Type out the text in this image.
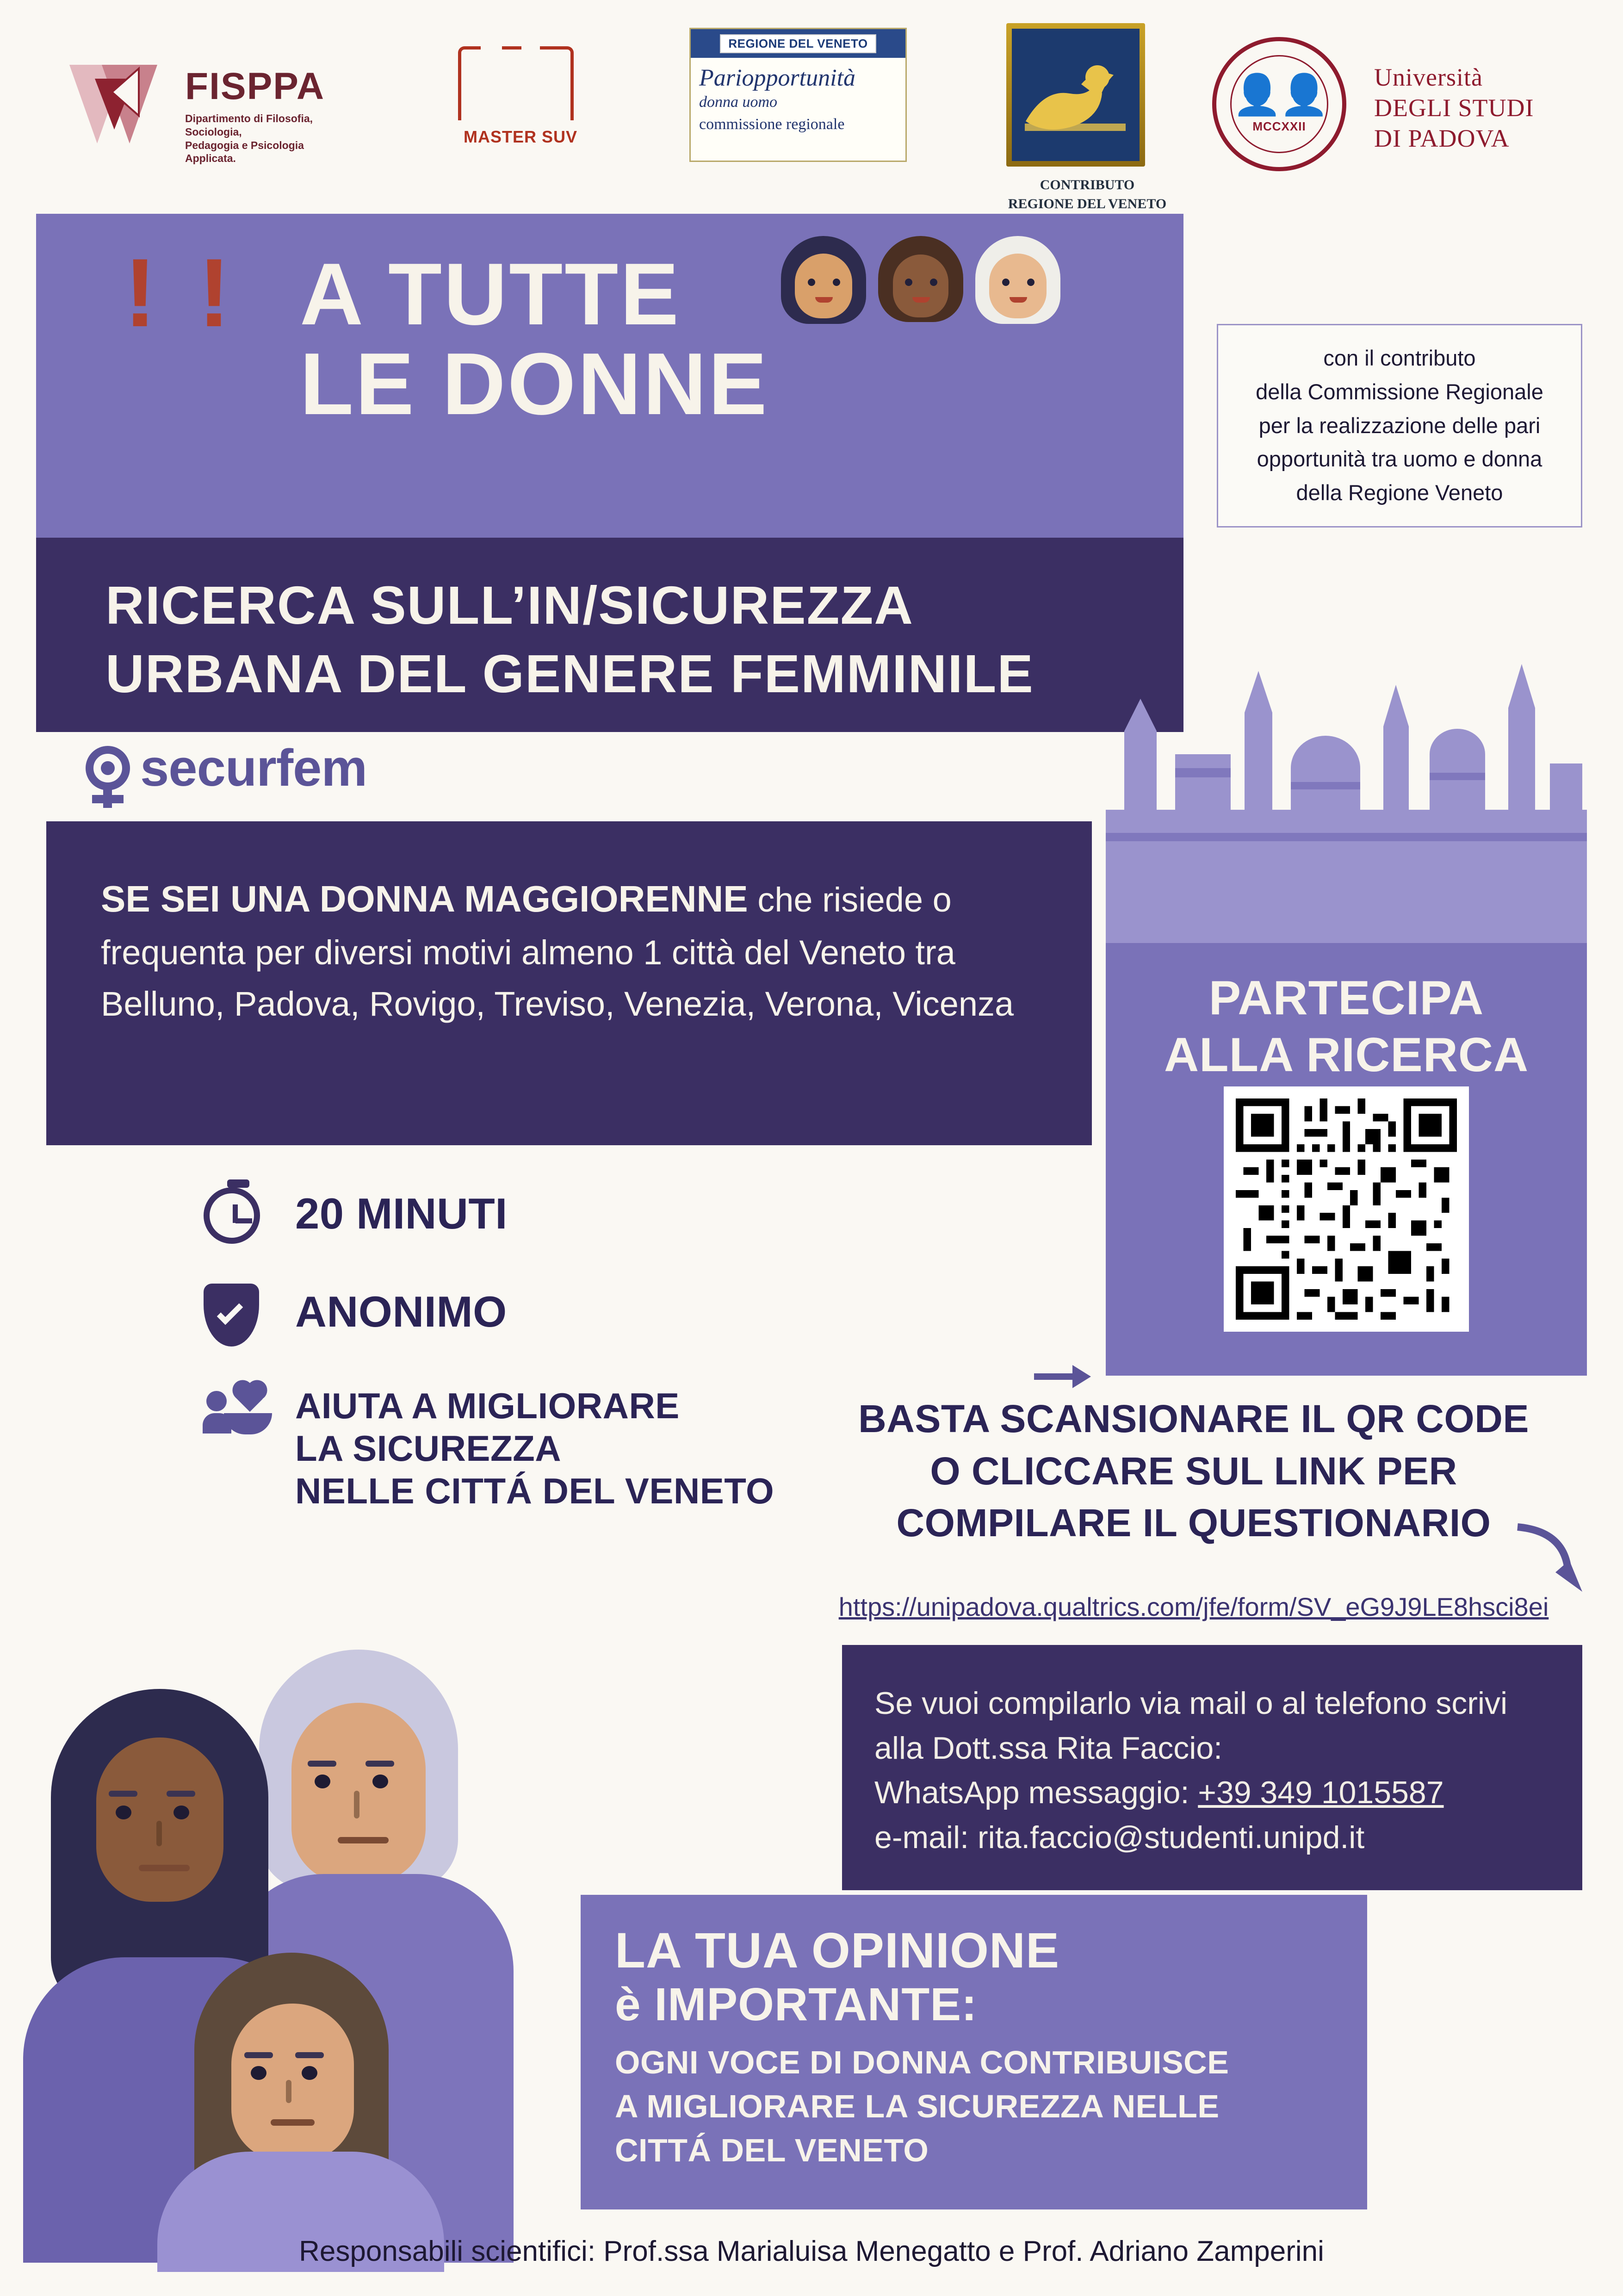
FISPPA
Dipartimento di Filosofia, Sociologia,
Pedagogia e Psicologia Applicata.
MASTER SUV
REGIONE DEL VENETO
Pariopportunità
donna uomo
commissione regionale
CONTRIBUTO
REGIONE DEL VENETO
👤👤
MCCXXII
Università
DEGLI STUDI
DI PADOVA
! ! A TUTTE
LE DONNE
RICERCA SULL’IN/SICUREZZA
URBANA DEL GENERE FEMMINILE

con il contributo
della Commissione Regionale
per la realizzazione delle pari
opportunità tra uomo e donna
della Regione Veneto

securfem
SE SEI UNA DONNA MAGGIORENNE che risiede o frequenta per diversi motivi almeno 1 città del Veneto tra Belluno, Padova, Rovigo, Treviso, Venezia, Verona, Vicenza	PARTECIPA
ALLA RICERCA
20 MINUTI
ANONIMO
AIUTA A MIGLIORARE
LA SICUREZZA
NELLE CITTÁ DEL VENETO
BASTA SCANSIONARE IL QR CODE
O CLICCARE SUL LINK PER
COMPILARE IL QUESTIONARIO
https://unipadova.qualtrics.com/jfe/form/SV_eG9J9LE8hsci8ei
Se vuoi compilarlo via mail o al telefono scrivi
alla Dott.ssa Rita Faccio:
WhatsApp messaggio: +39 349 1015587
e-mail: rita.faccio@studenti.unipd.it
LA TUA OPINIONE
è IMPORTANTE:
OGNI VOCE DI DONNA CONTRIBUISCE
A MIGLIORARE LA SICUREZZA NELLE
CITTÁ DEL VENETO
Responsabili scientifici: Prof.ssa Marialuisa Menegatto e Prof. Adriano Zamperini
